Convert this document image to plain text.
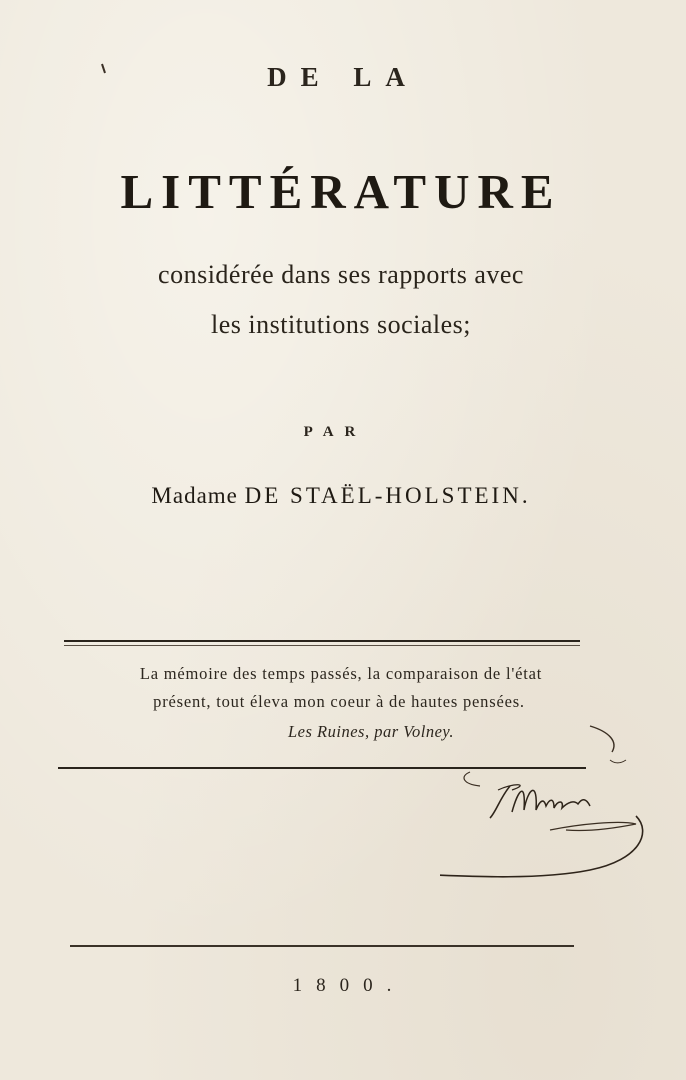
DE LA
LITTÉRATURE
considérée dans ses rapports avec
les institutions sociales;
PAR
Madame DE STAËL-HOLSTEIN.
La mémoire des temps passés, la comparaison de l'état
présent, tout éleva mon coeur à de hautes pensées.
Les Ruines, par Volney.
1800.
